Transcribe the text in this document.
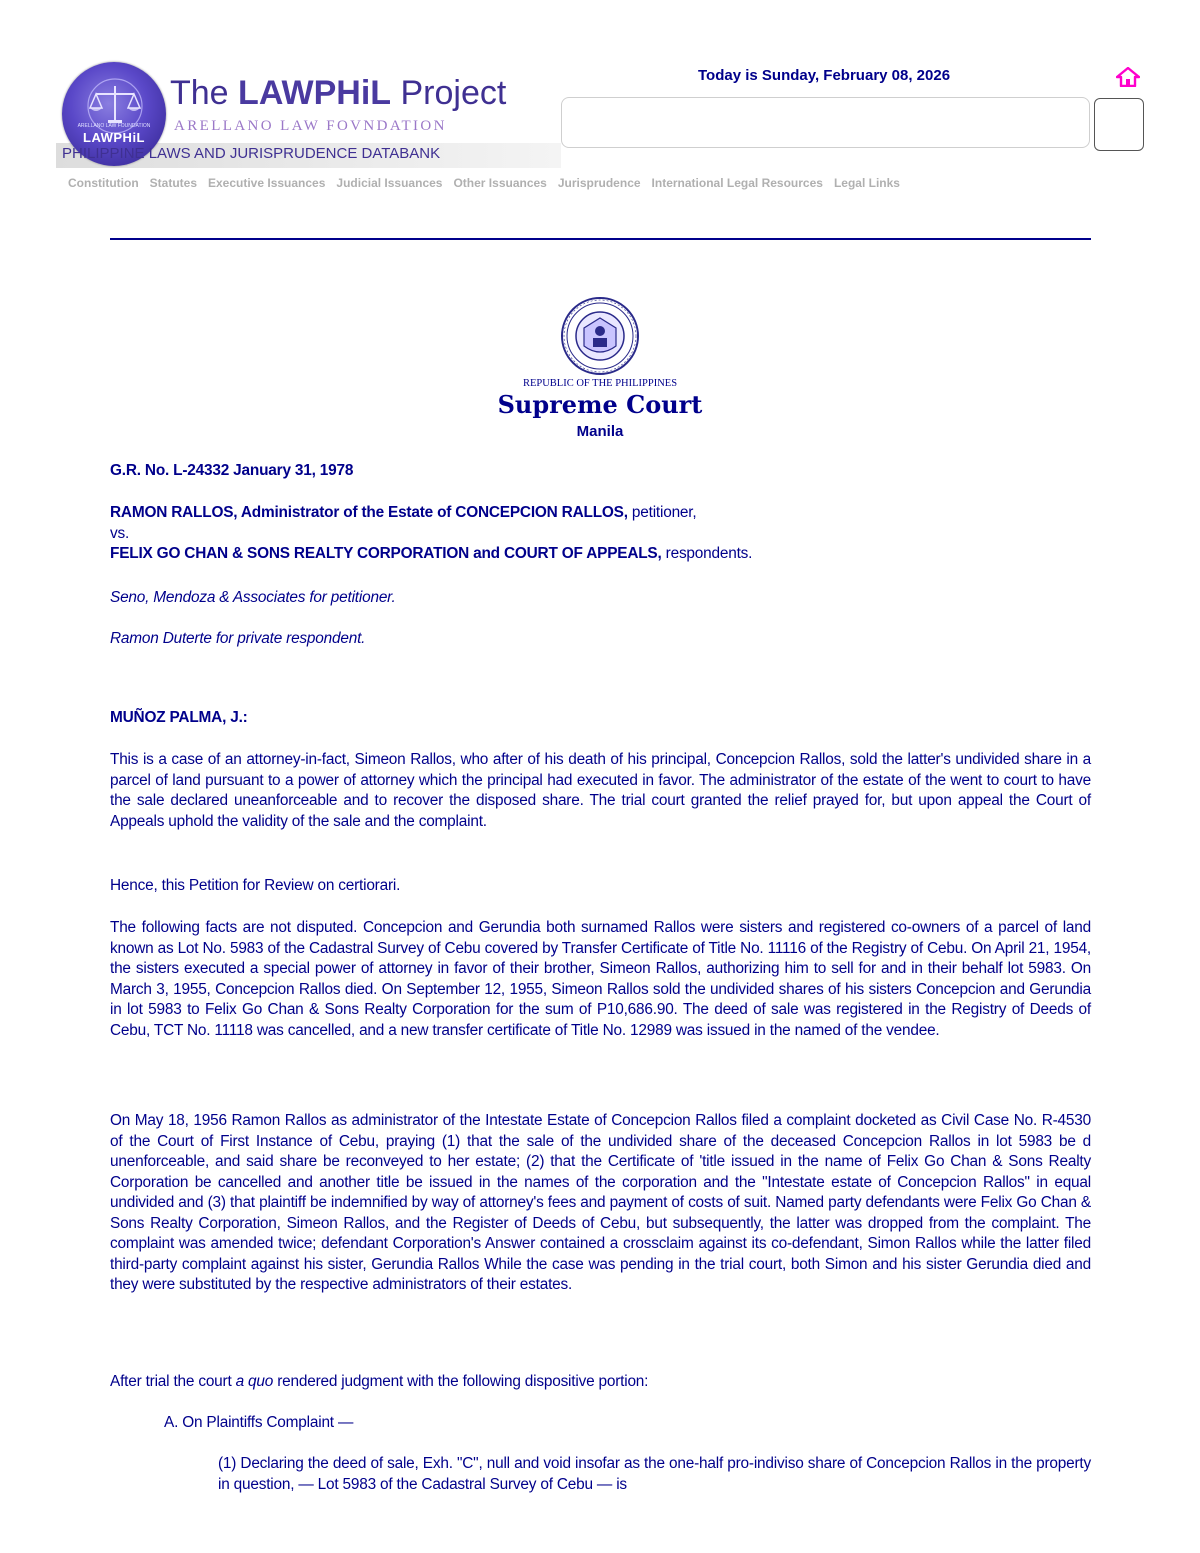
ARELLANO LAW FOUNDATION
LAWPHiL
The LAWPHiL Project
ARELLANO LAW FOVNDATION
PHILIPPINE LAWS AND JURISPRUDENCE DATABANK
Today is Sunday, February 08, 2026
Constitution Statutes Executive Issuances Judicial Issuances Other Issuances Jurisprudence International Legal Resources Legal Links
REPUBLIC OF THE PHILIPPINES
Supreme Court
Manila
G.R. No. L-24332 January 31, 1978
RAMON RALLOS, Administrator of the Estate of CONCEPCION RALLOS, petitioner,
vs.
FELIX GO CHAN & SONS REALTY CORPORATION and COURT OF APPEALS, respondents.
Seno, Mendoza & Associates for petitioner.
Ramon Duterte for private respondent.
MUÑOZ PALMA, J.:
This is a case of an attorney-in-fact, Simeon Rallos, who after of his death of his principal, Concepcion Rallos, sold the latter's undivided share in a parcel of land pursuant to a power of attorney which the principal had executed in favor. The administrator of the estate of the went to court to have the sale declared uneanforceable and to recover the disposed share. The trial court granted the relief prayed for, but upon appeal the Court of Appeals uphold the validity of the sale and the complaint.
Hence, this Petition for Review on certiorari.
The following facts are not disputed. Concepcion and Gerundia both surnamed Rallos were sisters and registered co-owners of a parcel of land known as Lot No. 5983 of the Cadastral Survey of Cebu covered by Transfer Certificate of Title No. 11116 of the Registry of Cebu. On April 21, 1954, the sisters executed a special power of attorney in favor of their brother, Simeon Rallos, authorizing him to sell for and in their behalf lot 5983. On March 3, 1955, Concepcion Rallos died. On September 12, 1955, Simeon Rallos sold the undivided shares of his sisters Concepcion and Gerundia in lot 5983 to Felix Go Chan & Sons Realty Corporation for the sum of P10,686.90. The deed of sale was registered in the Registry of Deeds of Cebu, TCT No. 11118 was cancelled, and a new transfer certificate of Title No. 12989 was issued in the named of the vendee.
On May 18, 1956 Ramon Rallos as administrator of the Intestate Estate of Concepcion Rallos filed a complaint docketed as Civil Case No. R-4530 of the Court of First Instance of Cebu, praying (1) that the sale of the undivided share of the deceased Concepcion Rallos in lot 5983 be d unenforceable, and said share be reconveyed to her estate; (2) that the Certificate of 'title issued in the name of Felix Go Chan & Sons Realty Corporation be cancelled and another title be issued in the names of the corporation and the "Intestate estate of Concepcion Rallos" in equal undivided and (3) that plaintiff be indemnified by way of attorney's fees and payment of costs of suit. Named party defendants were Felix Go Chan & Sons Realty Corporation, Simeon Rallos, and the Register of Deeds of Cebu, but subsequently, the latter was dropped from the complaint. The complaint was amended twice; defendant Corporation's Answer contained a crossclaim against its co-defendant, Simon Rallos while the latter filed third-party complaint against his sister, Gerundia Rallos While the case was pending in the trial court, both Simon and his sister Gerundia died and they were substituted by the respective administrators of their estates.
After trial the court a quo rendered judgment with the following dispositive portion:
A. On Plaintiffs Complaint —
(1) Declaring the deed of sale, Exh. "C", null and void insofar as the one-half pro-indiviso share of Concepcion Rallos in the property in question, — Lot 5983 of the Cadastral Survey of Cebu — is
